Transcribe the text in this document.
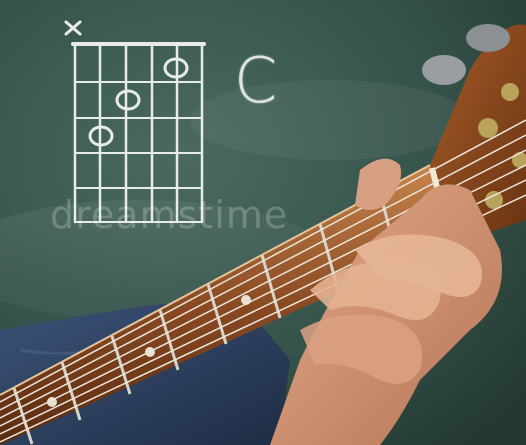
C
dreamstime
